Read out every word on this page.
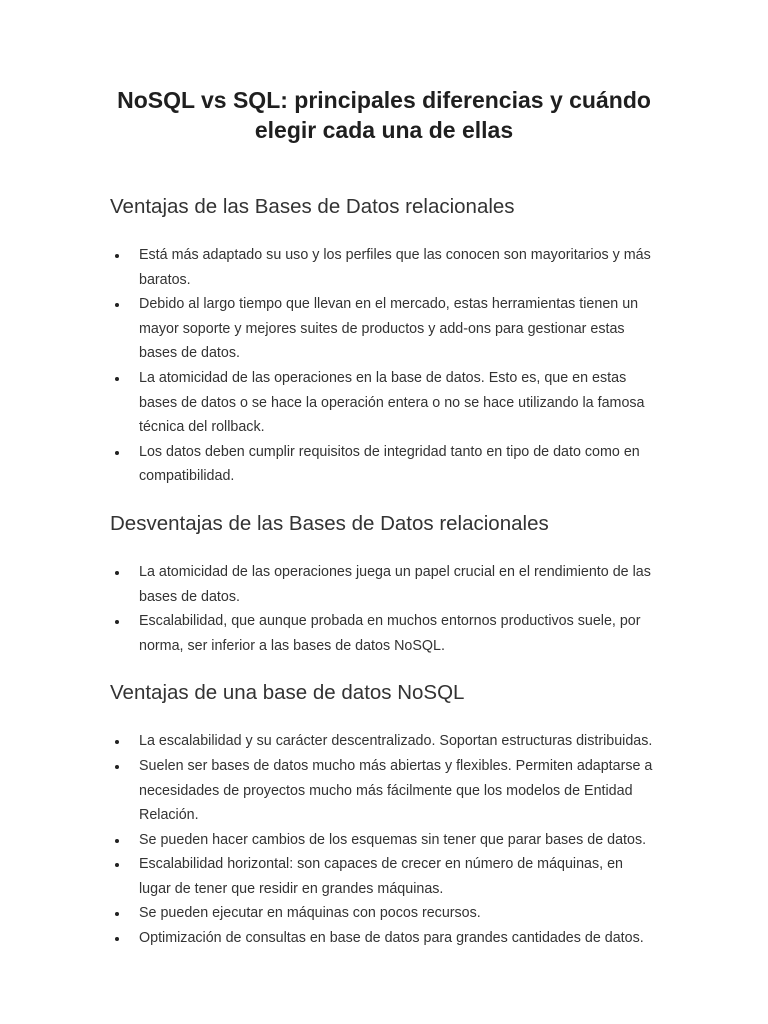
NoSQL vs SQL: principales diferencias y cuándo
elegir cada una de ellas
Ventajas de las Bases de Datos relacionales
Está más adaptado su uso y los perfiles que las conocen son mayoritarios y más baratos.
Debido al largo tiempo que llevan en el mercado, estas herramientas tienen un mayor soporte y mejores suites de productos y add-ons para gestionar estas bases de datos.
La atomicidad de las operaciones en la base de datos. Esto es, que en estas bases de datos o se hace la operación entera o no se hace utilizando la famosa técnica del rollback.
Los datos deben cumplir requisitos de integridad tanto en tipo de dato como en compatibilidad.
Desventajas de las Bases de Datos relacionales
La atomicidad de las operaciones juega un papel crucial en el rendimiento de las bases de datos.
Escalabilidad, que aunque probada en muchos entornos productivos suele, por norma, ser inferior a las bases de datos NoSQL.
Ventajas de una base de datos NoSQL
La escalabilidad y su carácter descentralizado. Soportan estructuras distribuidas.
Suelen ser bases de datos mucho más abiertas y flexibles. Permiten adaptarse a necesidades de proyectos mucho más fácilmente que los modelos de Entidad Relación.
Se pueden hacer cambios de los esquemas sin tener que parar bases de datos.
Escalabilidad horizontal: son capaces de crecer en número de máquinas, en lugar de tener que residir en grandes máquinas.
Se pueden ejecutar en máquinas con pocos recursos.
Optimización de consultas en base de datos para grandes cantidades de datos.
